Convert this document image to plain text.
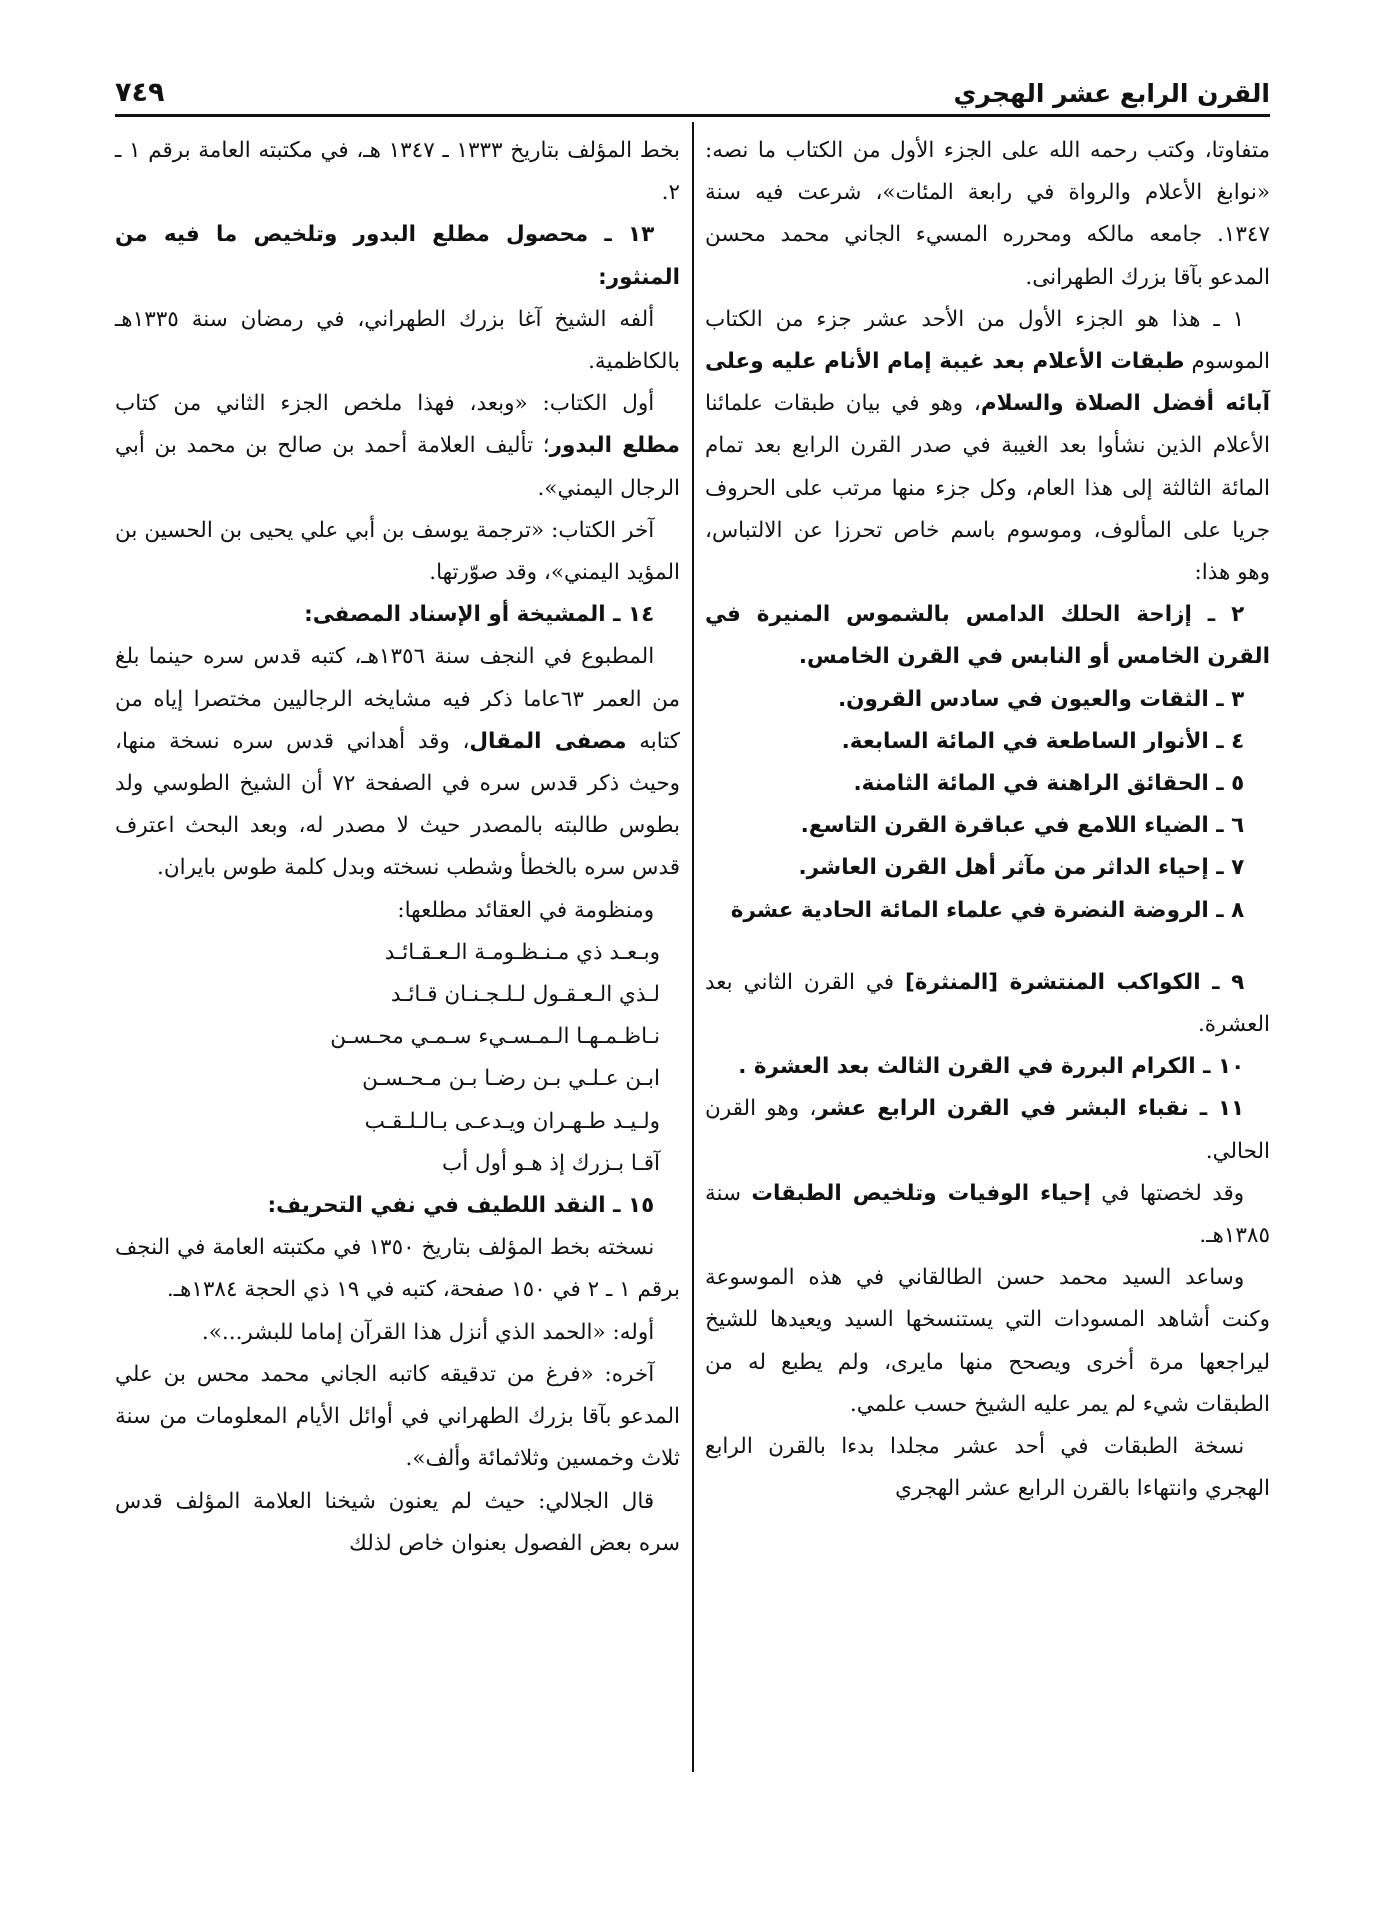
القرن الرابع عشر الهجري
٧٤٩

متفاوتا، وكتب رحمه الله على الجزء الأول من الكتاب ما نصه: «نوابغ الأعلام والرواة في رابعة المئات»، شرعت فيه سنة ١٣٤٧. جامعه مالكه ومحرره المسيء الجاني محمد محسن المدعو بآقا بزرك الطهرانى.

١ ـ هذا هو الجزء الأول من الأحد عشر جزء من الكتاب الموسوم طبقات الأعلام بعد غيبة إمام الأنام عليه وعلى آبائه أفضل الصلاة والسلام، وهو في بيان طبقات علمائنا الأعلام الذين نشأوا بعد الغيبة في صدر القرن الرابع بعد تمام المائة الثالثة إلى هذا العام، وكل جزء منها مرتب على الحروف جريا على المألوف، وموسوم باسم خاص تحرزا عن الالتباس، وهو هذا:

٢ ـ إزاحة الحلك الدامس بالشموس المنيرة في القرن الخامس أو النابس في القرن الخامس.

٣ ـ الثقات والعيون في سادس القرون.

٤ ـ الأنوار الساطعة في المائة السابعة.

٥ ـ الحقائق الراهنة في المائة الثامنة.

٦ ـ الضياء اللامع في عباقرة القرن التاسع.

٧ ـ إحياء الداثر من مآثر أهل القرن العاشر.

٨ ـ الروضة النضرة في علماء المائة الحادية عشرة

٩ ـ الكواكب المنتشرة [المنثرة] في القرن الثاني بعد العشرة.

١٠ ـ الكرام البررة في القرن الثالث بعد العشرة .

١١ ـ نقباء البشر في القرن الرابع عشر، وهو القرن الحالي.

وقد لخصتها في إحياء الوفيات وتلخيص الطبقات سنة ١٣٨٥هـ.

وساعد السيد محمد حسن الطالقاني في هذه الموسوعة وكنت أشاهد المسودات التي يستنسخها السيد ويعيدها للشيخ ليراجعها مرة أخرى ويصحح منها مايرى، ولم يطبع له من الطبقات شيء لم يمر عليه الشيخ حسب علمي.

نسخة الطبقات في أحد عشر مجلدا بدءا بالقرن الرابع الهجري وانتهاءا بالقرن الرابع عشر الهجري

بخط المؤلف بتاريخ ١٣٣٣ ـ ١٣٤٧ هـ، في مكتبته العامة برقم ١ ـ ٢.

١٣ ـ محصول مطلع البدور وتلخيص ما فيه من المنثور:

ألفه الشيخ آغا بزرك الطهراني، في رمضان سنة ١٣٣٥هـ بالكاظمية.

أول الكتاب: «وبعد، فهذا ملخص الجزء الثاني من كتاب مطلع البدور؛ تأليف العلامة أحمد بن صالح بن محمد بن أبي الرجال اليمني».

آخر الكتاب: «ترجمة يوسف بن أبي علي يحيى بن الحسين بن المؤيد اليمني»، وقد صوّرتها.

١٤ ـ المشيخة أو الإسناد المصفى:

المطبوع في النجف سنة ١٣٥٦هـ، كتبه قدس سره حينما بلغ من العمر ٦٣عاما ذكر فيه مشايخه الرجاليين مختصرا إياه من كتابه مصفى المقال، وقد أهداني قدس سره نسخة منها، وحيث ذكر قدس سره في الصفحة ٧٢ أن الشيخ الطوسي ولد بطوس طالبته بالمصدر حيث لا مصدر له، وبعد البحث اعترف قدس سره بالخطأ وشطب نسخته وبدل كلمة طوس بايران.

ومنظومة في العقائد مطلعها:

وبـعـد ذي مـنـظـومـة الـعـقـائـد

لـذي الـعـقـول لـلـجـنـان قـائـد

نـاظـمـهـا الـمـسـيء سـمـي محـسـن

ابـن عـلـي بـن رضـا بـن مـحـسـن

ولـيـد طـهـران ويـدعـى بـالـلـقـب

آقـا بـزرك إذ هـو أول أب

١٥ ـ النقد اللطيف في نفي التحريف:

نسخته بخط المؤلف بتاريخ ١٣٥٠ في مكتبته العامة في النجف برقم ١ ـ ٢ في ١٥٠ صفحة، كتبه في ١٩ ذي الحجة ١٣٨٤هـ.

أوله: «الحمد الذي أنزل هذا القرآن إماما للبشر...».

آخره: «فرغ من تدقيقه كاتبه الجاني محمد محس بن علي المدعو بآقا بزرك الطهراني في أوائل الأيام المعلومات من سنة ثلاث وخمسين وثلاثمائة وألف».

قال الجلالي: حيث لم يعنون شيخنا العلامة المؤلف قدس سره بعض الفصول بعنوان خاص لذلك
